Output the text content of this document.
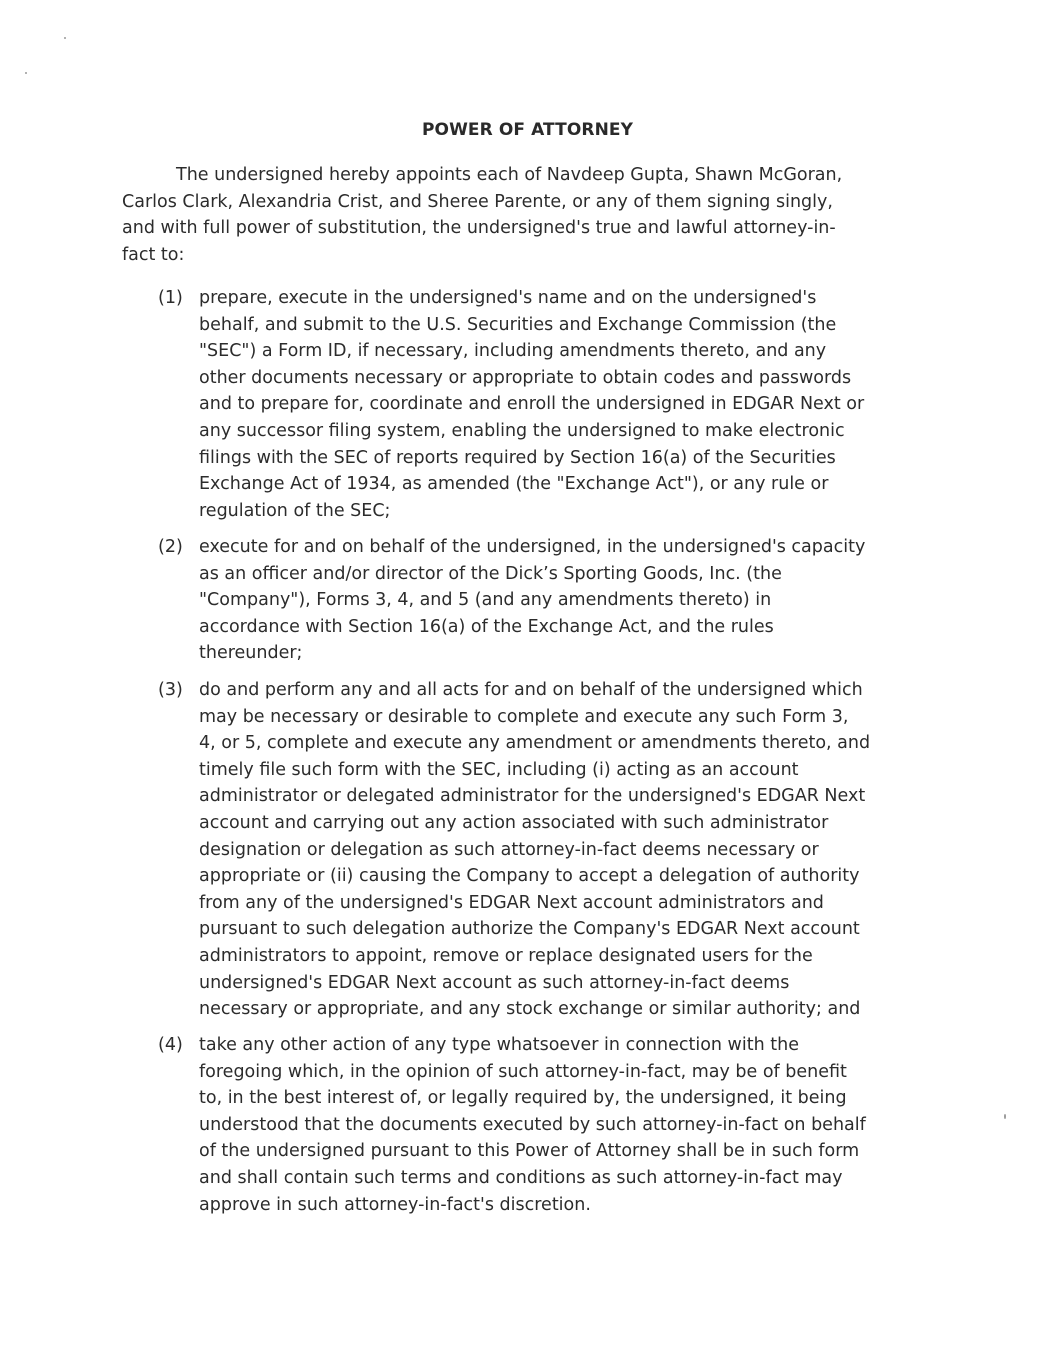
POWER OF ATTORNEY
The undersigned hereby appoints each of Navdeep Gupta, Shawn McGoran,
Carlos Clark, Alexandria Crist, and Sheree Parente, or any of them signing singly,
and with full power of substitution, the undersigned's true and lawful attorney-in-
fact to:
(1) prepare, execute in the undersigned's name and on the undersigned's
behalf, and submit to the U.S. Securities and Exchange Commission (the
"SEC") a Form ID, if necessary, including amendments thereto, and any
other documents necessary or appropriate to obtain codes and passwords
and to prepare for, coordinate and enroll the undersigned in EDGAR Next or
any successor filing system, enabling the undersigned to make electronic
filings with the SEC of reports required by Section 16(a) of the Securities
Exchange Act of 1934, as amended (the "Exchange Act"), or any rule or
regulation of the SEC;
(2) execute for and on behalf of the undersigned, in the undersigned's capacity
as an officer and/or director of the Dick’s Sporting Goods, Inc. (the
"Company"), Forms 3, 4, and 5 (and any amendments thereto) in
accordance with Section 16(a) of the Exchange Act, and the rules
thereunder;
(3) do and perform any and all acts for and on behalf of the undersigned which
may be necessary or desirable to complete and execute any such Form 3,
4, or 5, complete and execute any amendment or amendments thereto, and
timely file such form with the SEC, including (i) acting as an account
administrator or delegated administrator for the undersigned's EDGAR Next
account and carrying out any action associated with such administrator
designation or delegation as such attorney-in-fact deems necessary or
appropriate or (ii) causing the Company to accept a delegation of authority
from any of the undersigned's EDGAR Next account administrators and
pursuant to such delegation authorize the Company's EDGAR Next account
administrators to appoint, remove or replace designated users for the
undersigned's EDGAR Next account as such attorney-in-fact deems
necessary or appropriate, and any stock exchange or similar authority; and
(4) take any other action of any type whatsoever in connection with the
foregoing which, in the opinion of such attorney-in-fact, may be of benefit
to, in the best interest of, or legally required by, the undersigned, it being
understood that the documents executed by such attorney-in-fact on behalf
of the undersigned pursuant to this Power of Attorney shall be in such form
and shall contain such terms and conditions as such attorney-in-fact may
approve in such attorney-in-fact's discretion.
